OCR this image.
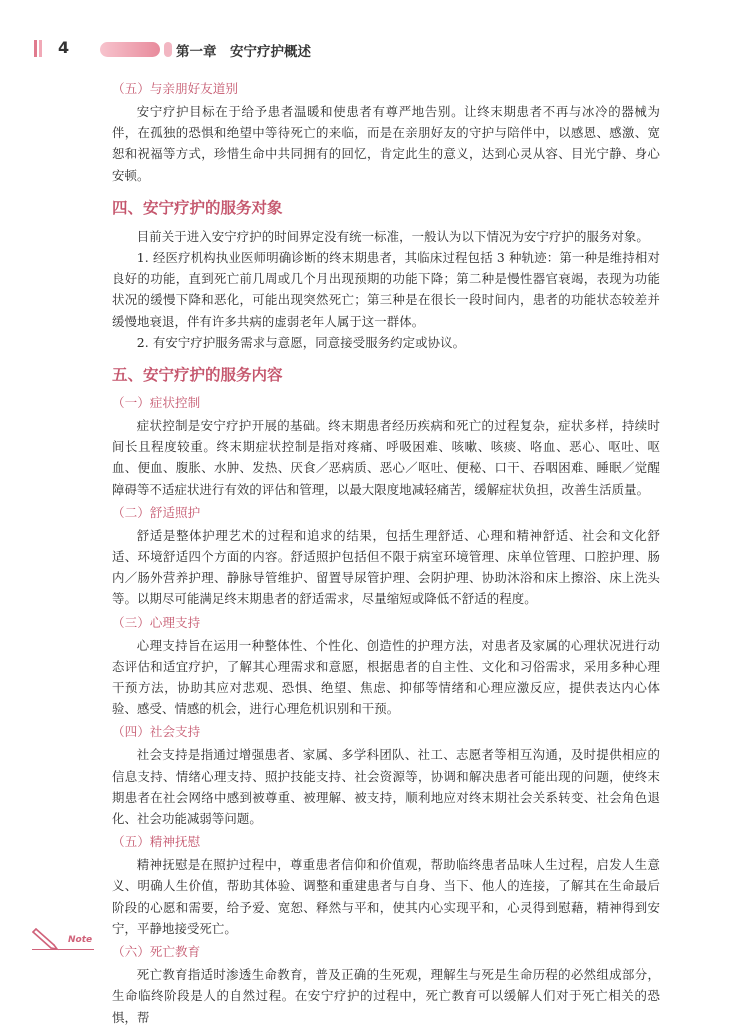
4	第一章　安宁疗护概述
（五）与亲朋好友道别

安宁疗护目标在于给予患者温暖和使患者有尊严地告别。让终末期患者不再与冰冷的器械为伴，在孤独的恐惧和绝望中等待死亡的来临，而是在亲朋好友的守护与陪伴中，以感恩、感激、宽恕和祝福等方式，珍惜生命中共同拥有的回忆，肯定此生的意义，达到心灵从容、目光宁静、身心安顿。

四、安宁疗护的服务对象

目前关于进入安宁疗护的时间界定没有统一标准，一般认为以下情况为安宁疗护的服务对象。

1. 经医疗机构执业医师明确诊断的终末期患者，其临床过程包括 3 种轨迹：第一种是维持相对良好的功能，直到死亡前几周或几个月出现预期的功能下降；第二种是慢性器官衰竭，表现为功能状况的缓慢下降和恶化，可能出现突然死亡；第三种是在很长一段时间内，患者的功能状态较差并缓慢地衰退，伴有许多共病的虚弱老年人属于这一群体。

2. 有安宁疗护服务需求与意愿，同意接受服务约定或协议。

五、安宁疗护的服务内容
（一）症状控制

症状控制是安宁疗护开展的基础。终末期患者经历疾病和死亡的过程复杂，症状多样，持续时间长且程度较重。终末期症状控制是指对疼痛、呼吸困难、咳嗽、咳痰、咯血、恶心、呕吐、呕血、便血、腹胀、水肿、发热、厌食／恶病质、恶心／呕吐、便秘、口干、吞咽困难、睡眠／觉醒障碍等不适症状进行有效的评估和管理，以最大限度地减轻痛苦，缓解症状负担，改善生活质量。

（二）舒适照护

舒适是整体护理艺术的过程和追求的结果，包括生理舒适、心理和精神舒适、社会和文化舒适、环境舒适四个方面的内容。舒适照护包括但不限于病室环境管理、床单位管理、口腔护理、肠内／肠外营养护理、静脉导管维护、留置导尿管护理、会阴护理、协助沐浴和床上擦浴、床上洗头等。以期尽可能满足终末期患者的舒适需求，尽量缩短或降低不舒适的程度。

（三）心理支持

心理支持旨在运用一种整体性、个性化、创造性的护理方法，对患者及家属的心理状况进行动态评估和适宜疗护，了解其心理需求和意愿，根据患者的自主性、文化和习俗需求，采用多种心理干预方法，协助其应对悲观、恐惧、绝望、焦虑、抑郁等情绪和心理应激反应，提供表达内心体验、感受、情感的机会，进行心理危机识别和干预。

（四）社会支持

社会支持是指通过增强患者、家属、多学科团队、社工、志愿者等相互沟通，及时提供相应的信息支持、情绪心理支持、照护技能支持、社会资源等，协调和解决患者可能出现的问题，使终末期患者在社会网络中感到被尊重、被理解、被支持，顺利地应对终末期社会关系转变、社会角色退化、社会功能减弱等问题。

（五）精神抚慰

精神抚慰是在照护过程中，尊重患者信仰和价值观，帮助临终患者品味人生过程，启发人生意义、明确人生价值，帮助其体验、调整和重建患者与自身、当下、他人的连接，了解其在生命最后阶段的心愿和需要，给予爱、宽恕、释然与平和，使其内心实现平和，心灵得到慰藉，精神得到安宁，平静地接受死亡。

（六）死亡教育

死亡教育指适时渗透生命教育，普及正确的生死观，理解生与死是生命历程的必然组成部分，生命临终阶段是人的自然过程。在安宁疗护的过程中，死亡教育可以缓解人们对于死亡相关的恐惧，帮

Note
